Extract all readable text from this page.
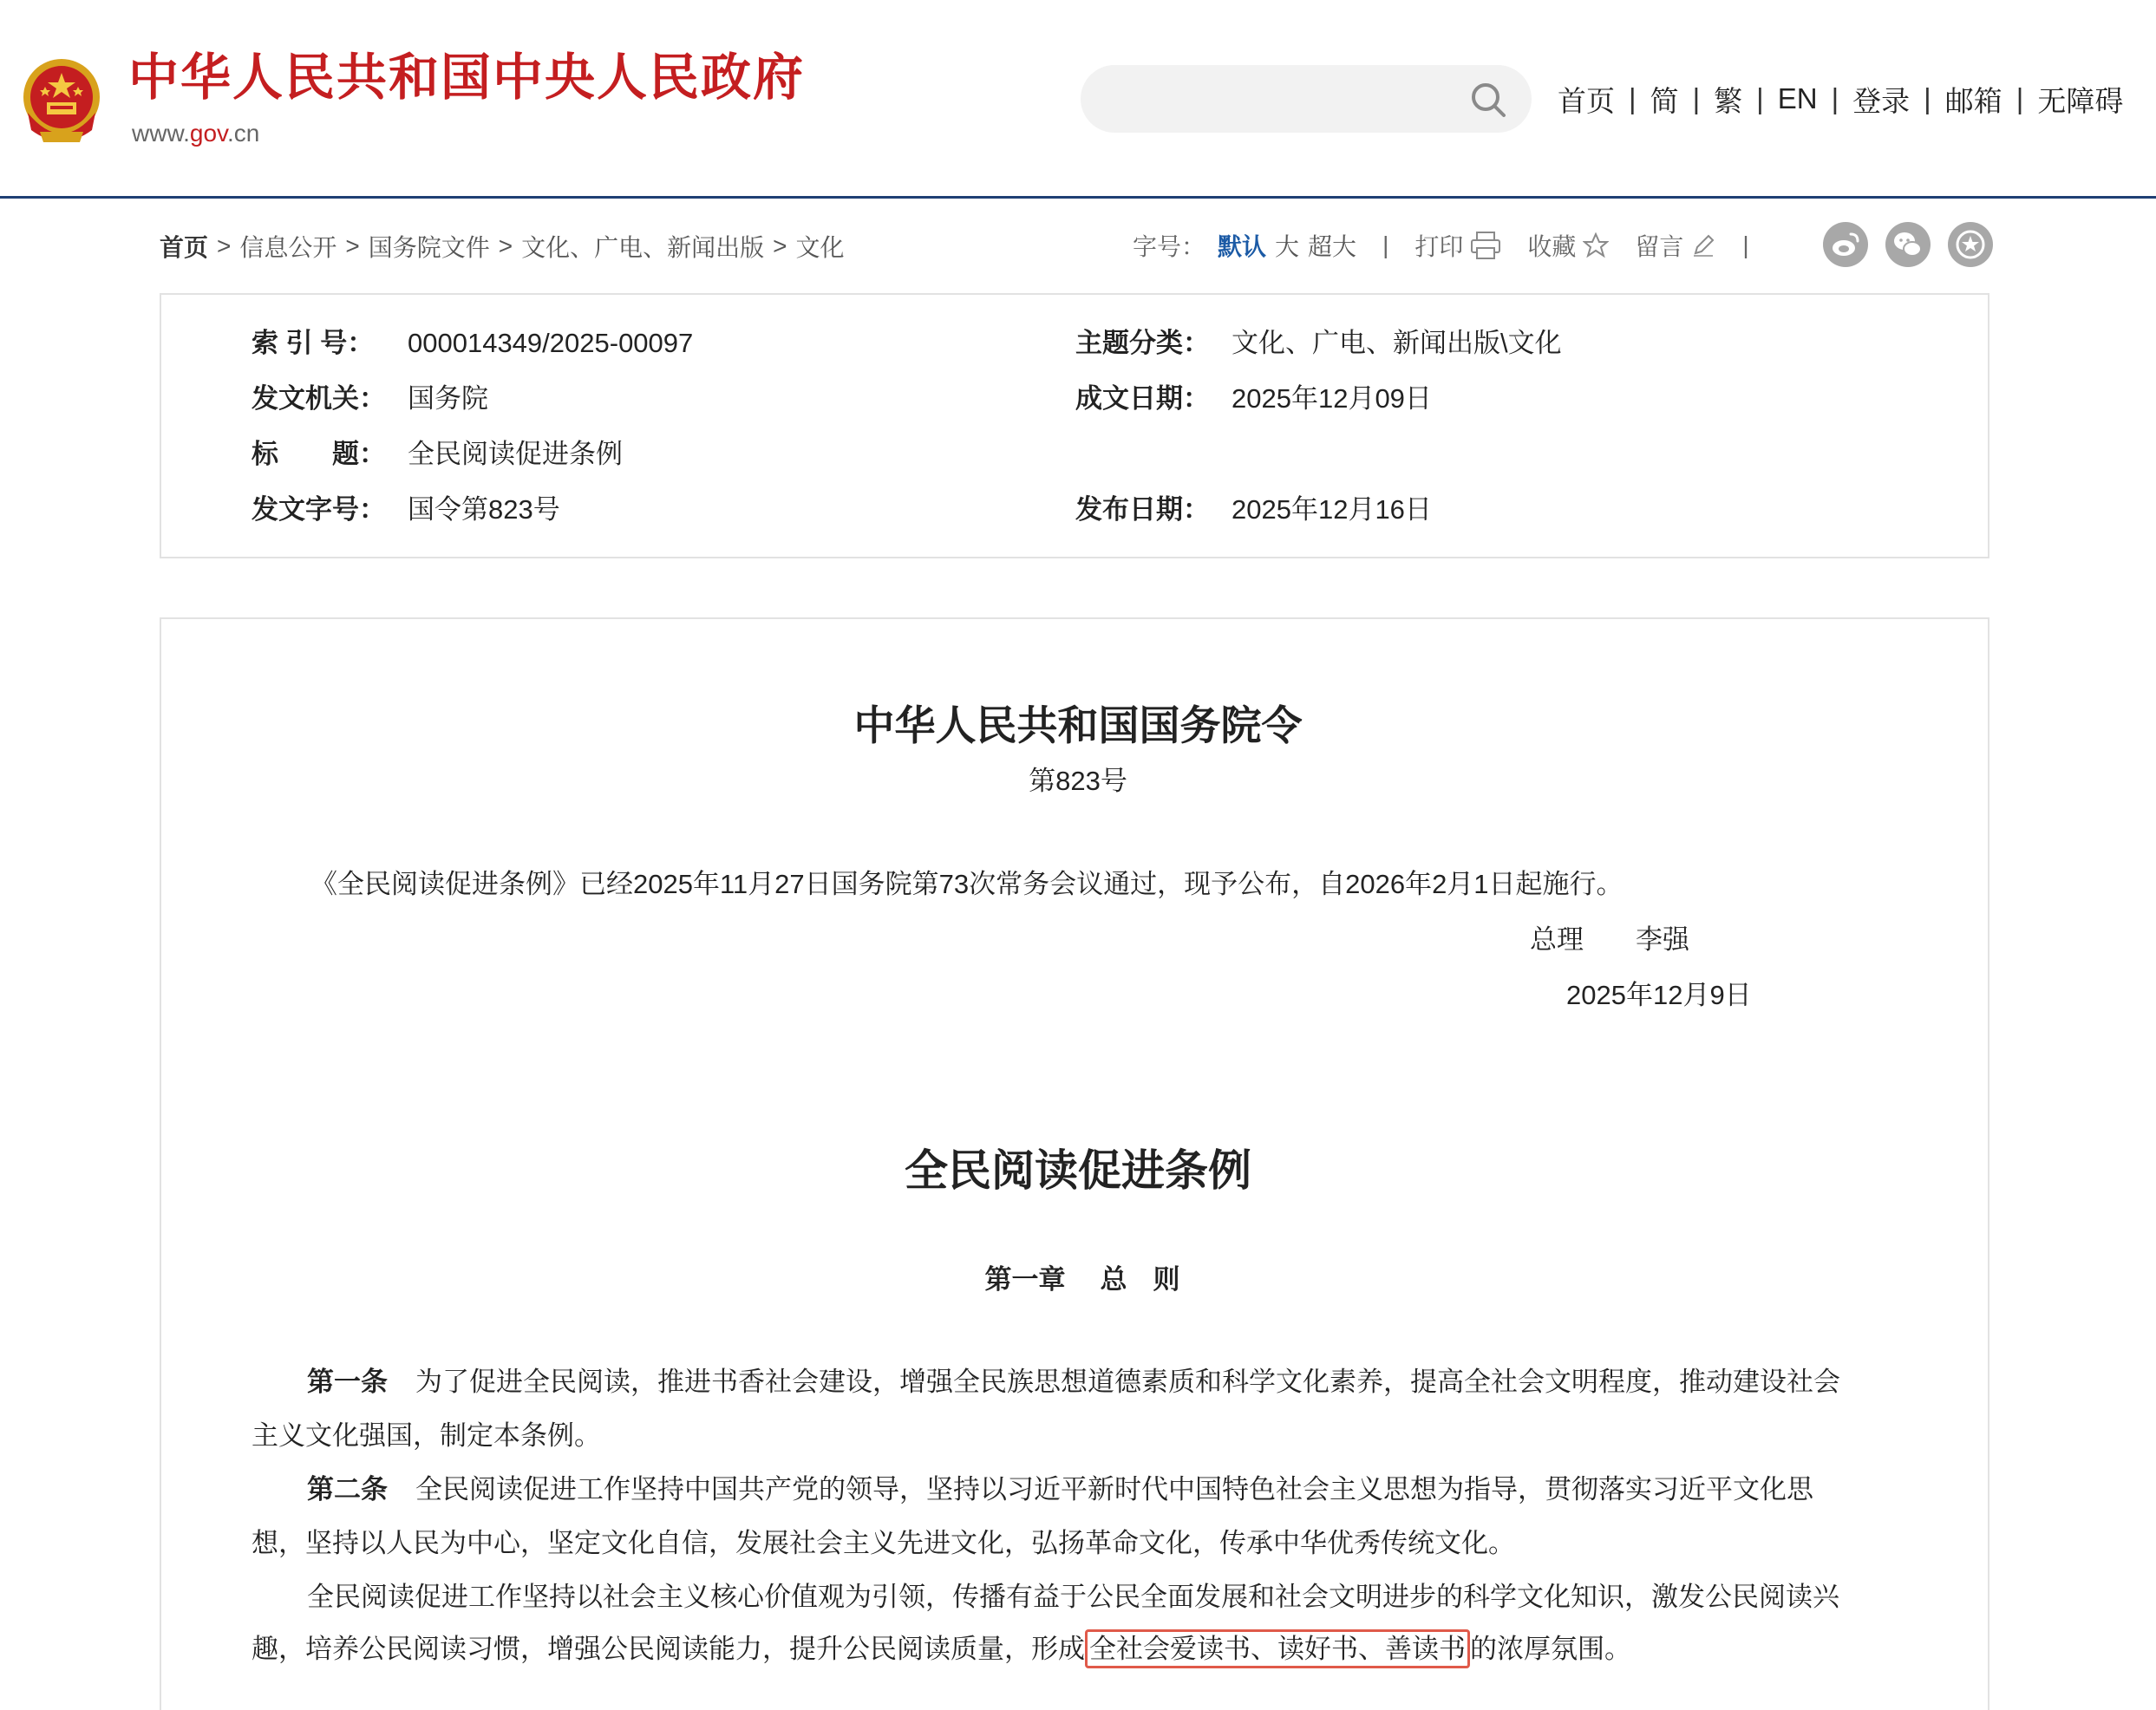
中华人民共和国中央人民政府
www.gov.cn
首页 | 简 | 繁 | EN | 登录 | 邮箱 | 无障碍
首页 > 信息公开 > 国务院文件 > 文化、广电、新闻出版 > 文化	字号： 默认 大 超大 | 打印	收藏 留言 |
索 引 号： 000014349/2025-00097	主题分类： 文化、广电、新闻出版\文化
发文机关： 国务院	成文日期： 2025年12月09日
标　　题： 全民阅读促进条例
发文字号： 国令第823号	发布日期： 2025年12月16日
中华人民共和国国务院令
第823号
《全民阅读促进条例》已经2025年11月27日国务院第73次常务会议通过，现予公布，自2026年2月1日起施行。
总理 李强
2025年12月9日
全民阅读促进条例
第一章 总 则
第一条 为了促进全民阅读，推进书香社会建设，增强全民族思想道德素质和科学文化素养，提高全社会文明程度，推动建设社会
主义文化强国，制定本条例。
第二条 全民阅读促进工作坚持中国共产党的领导，坚持以习近平新时代中国特色社会主义思想为指导，贯彻落实习近平文化思
想，坚持以人民为中心，坚定文化自信，发展社会主义先进文化，弘扬革命文化，传承中华优秀传统文化。
全民阅读促进工作坚持以社会主义核心价值观为引领，传播有益于公民全面发展和社会文明进步的科学文化知识，激发公民阅读兴
趣，培养公民阅读习惯，增强公民阅读能力，提升公民阅读质量，形成 全社会爱读书、读好书、善读书 的浓厚氛围。
